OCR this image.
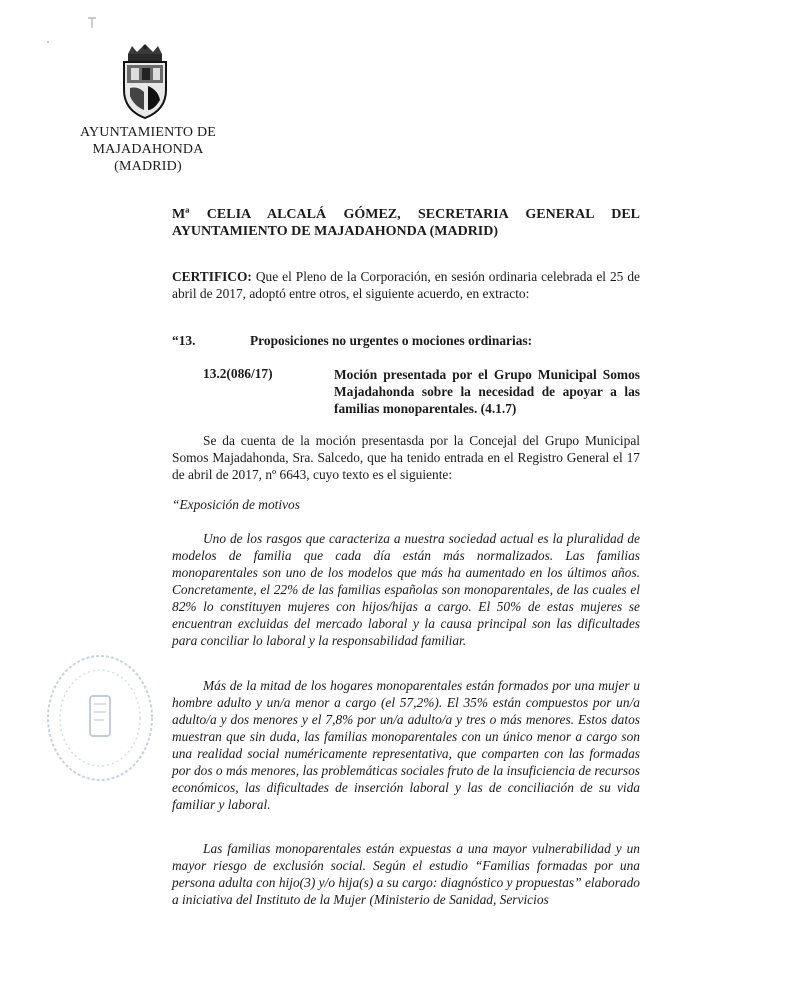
AYUNTAMIENTO DE
MAJADAHONDA
(MADRID)
Mª CELIA ALCALÁ GÓMEZ, SECRETARIA GENERAL DEL
AYUNTAMIENTO DE MAJADAHONDA (MADRID)
CERTIFICO: Que el Pleno de la Corporación, en sesión ordinaria celebrada el 25 de abril de 2017, adoptó entre otros, el siguiente acuerdo, en extracto:
“13.	Proposiciones no urgentes o mociones ordinarias:
13.2(086/17)	Moción presentada por el Grupo Municipal Somos Majadahonda sobre la necesidad de apoyar a las familias monoparentales. (4.1.7)
Se da cuenta de la moción presentasda por la Concejal del Grupo Municipal Somos Majadahonda, Sra. Salcedo, que ha tenido entrada en el Registro General el 17 de abril de 2017, nº 6643, cuyo texto es el siguiente:
“Exposición de motivos
Uno de los rasgos que caracteriza a nuestra sociedad actual es la pluralidad de modelos de familia que cada día están más normalizados. Las familias monoparentales son uno de los modelos que más ha aumentado en los últimos años. Concretamente, el 22% de las familias españolas son monoparentales, de las cuales el 82% lo constituyen mujeres con hijos/hijas a cargo. El 50% de estas mujeres se encuentran excluidas del mercado laboral y la causa principal son las dificultades para conciliar lo laboral y la responsabilidad familiar.
Más de la mitad de los hogares monoparentales están formados por una mujer u hombre adulto y un/a menor a cargo (el 57,2%). El 35% están compuestos por un/a adulto/a y dos menores y el 7,8% por un/a adulto/a y tres o más menores. Estos datos muestran que sin duda, las familias monoparentales con un único menor a cargo son una realidad social numéricamente representativa, que comparten con las formadas por dos o más menores, las problemáticas sociales fruto de la insuficiencia de recursos económicos, las dificultades de inserción laboral y las de conciliación de su vida familiar y laboral.
Las familias monoparentales están expuestas a una mayor vulnerabilidad y un mayor riesgo de exclusión social. Según el estudio “Familias formadas por una persona adulta con hijo(3) y/o hija(s) a su cargo: diagnóstico y propuestas” elaborado a iniciativa del Instituto de la Mujer (Ministerio de Sanidad, Servicios
